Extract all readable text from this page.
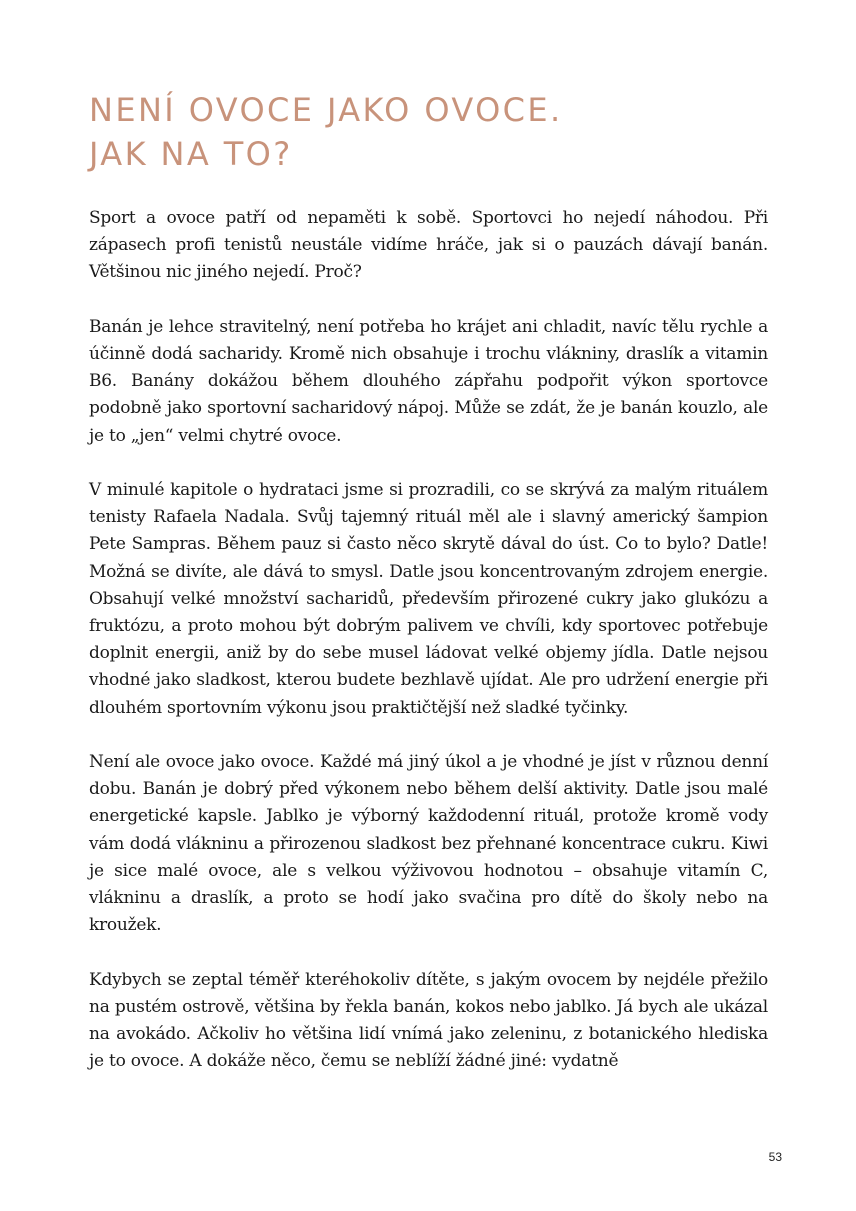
NENÍ OVOCE JAKO OVOCE.
JAK NA TO?

Sport a ovoce patří od nepaměti k sobě. Sportovci ho nejedí náhodou. Při zápasech profi tenistů neustále vidíme hráče, jak si o pauzách dávají banán. Většinou nic jiného nejedí. Proč?

Banán je lehce stravitelný, není potřeba ho krájet ani chladit, navíc tělu rychle a účinně dodá sacharidy. Kromě nich obsahuje i trochu vlákniny, draslík a vitamin B6. Banány dokážou během dlouhého zápřahu podpořit výkon sportovce podobně jako sportovní sacharidový nápoj. Může se zdát, že je banán kouzlo, ale je to „jen“ velmi chytré ovoce.

V minulé kapitole o hydrataci jsme si prozradili, co se skrývá za malým rituálem tenisty Rafaela Nadala. Svůj tajemný rituál měl ale i slavný americký šampion Pete Sampras. Během pauz si často něco skrytě dával do úst. Co to bylo? Datle! Možná se divíte, ale dává to smysl. Datle jsou koncentrovaným zdrojem energie. Obsahují velké množství sacharidů, především přirozené cukry jako glukózu a fruktózu, a proto mohou být dobrým palivem ve chvíli, kdy sportovec potřebuje doplnit energii, aniž by do sebe musel ládovat velké objemy jídla. Datle nejsou vhodné jako sladkost, kterou budete bezhlavě ujídat. Ale pro udržení energie při dlouhém sportovním výkonu jsou praktičtější než sladké tyčinky.

Není ale ovoce jako ovoce. Každé má jiný úkol a je vhodné je jíst v různou denní dobu. Banán je dobrý před výkonem nebo během delší aktivity. Datle jsou malé energetické kapsle. Jablko je výborný každodenní rituál, protože kromě vody vám dodá vlákninu a přirozenou sladkost bez přehnané koncentrace cukru. Kiwi je sice malé ovoce, ale s velkou výživovou hodnotou – obsahuje vitamín C, vlákninu a draslík, a proto se hodí jako svačina pro dítě do školy nebo na kroužek.

Kdybych se zeptal téměř kteréhokoliv dítěte, s jakým ovocem by nejdéle přežilo na pustém ostrově, většina by řekla banán, kokos nebo jablko. Já bych ale ukázal na avokádo. Ačkoliv ho většina lidí vnímá jako zeleninu, z botanického hlediska je to ovoce. A dokáže něco, čemu se neblíží žádné jiné: vydatně

53
